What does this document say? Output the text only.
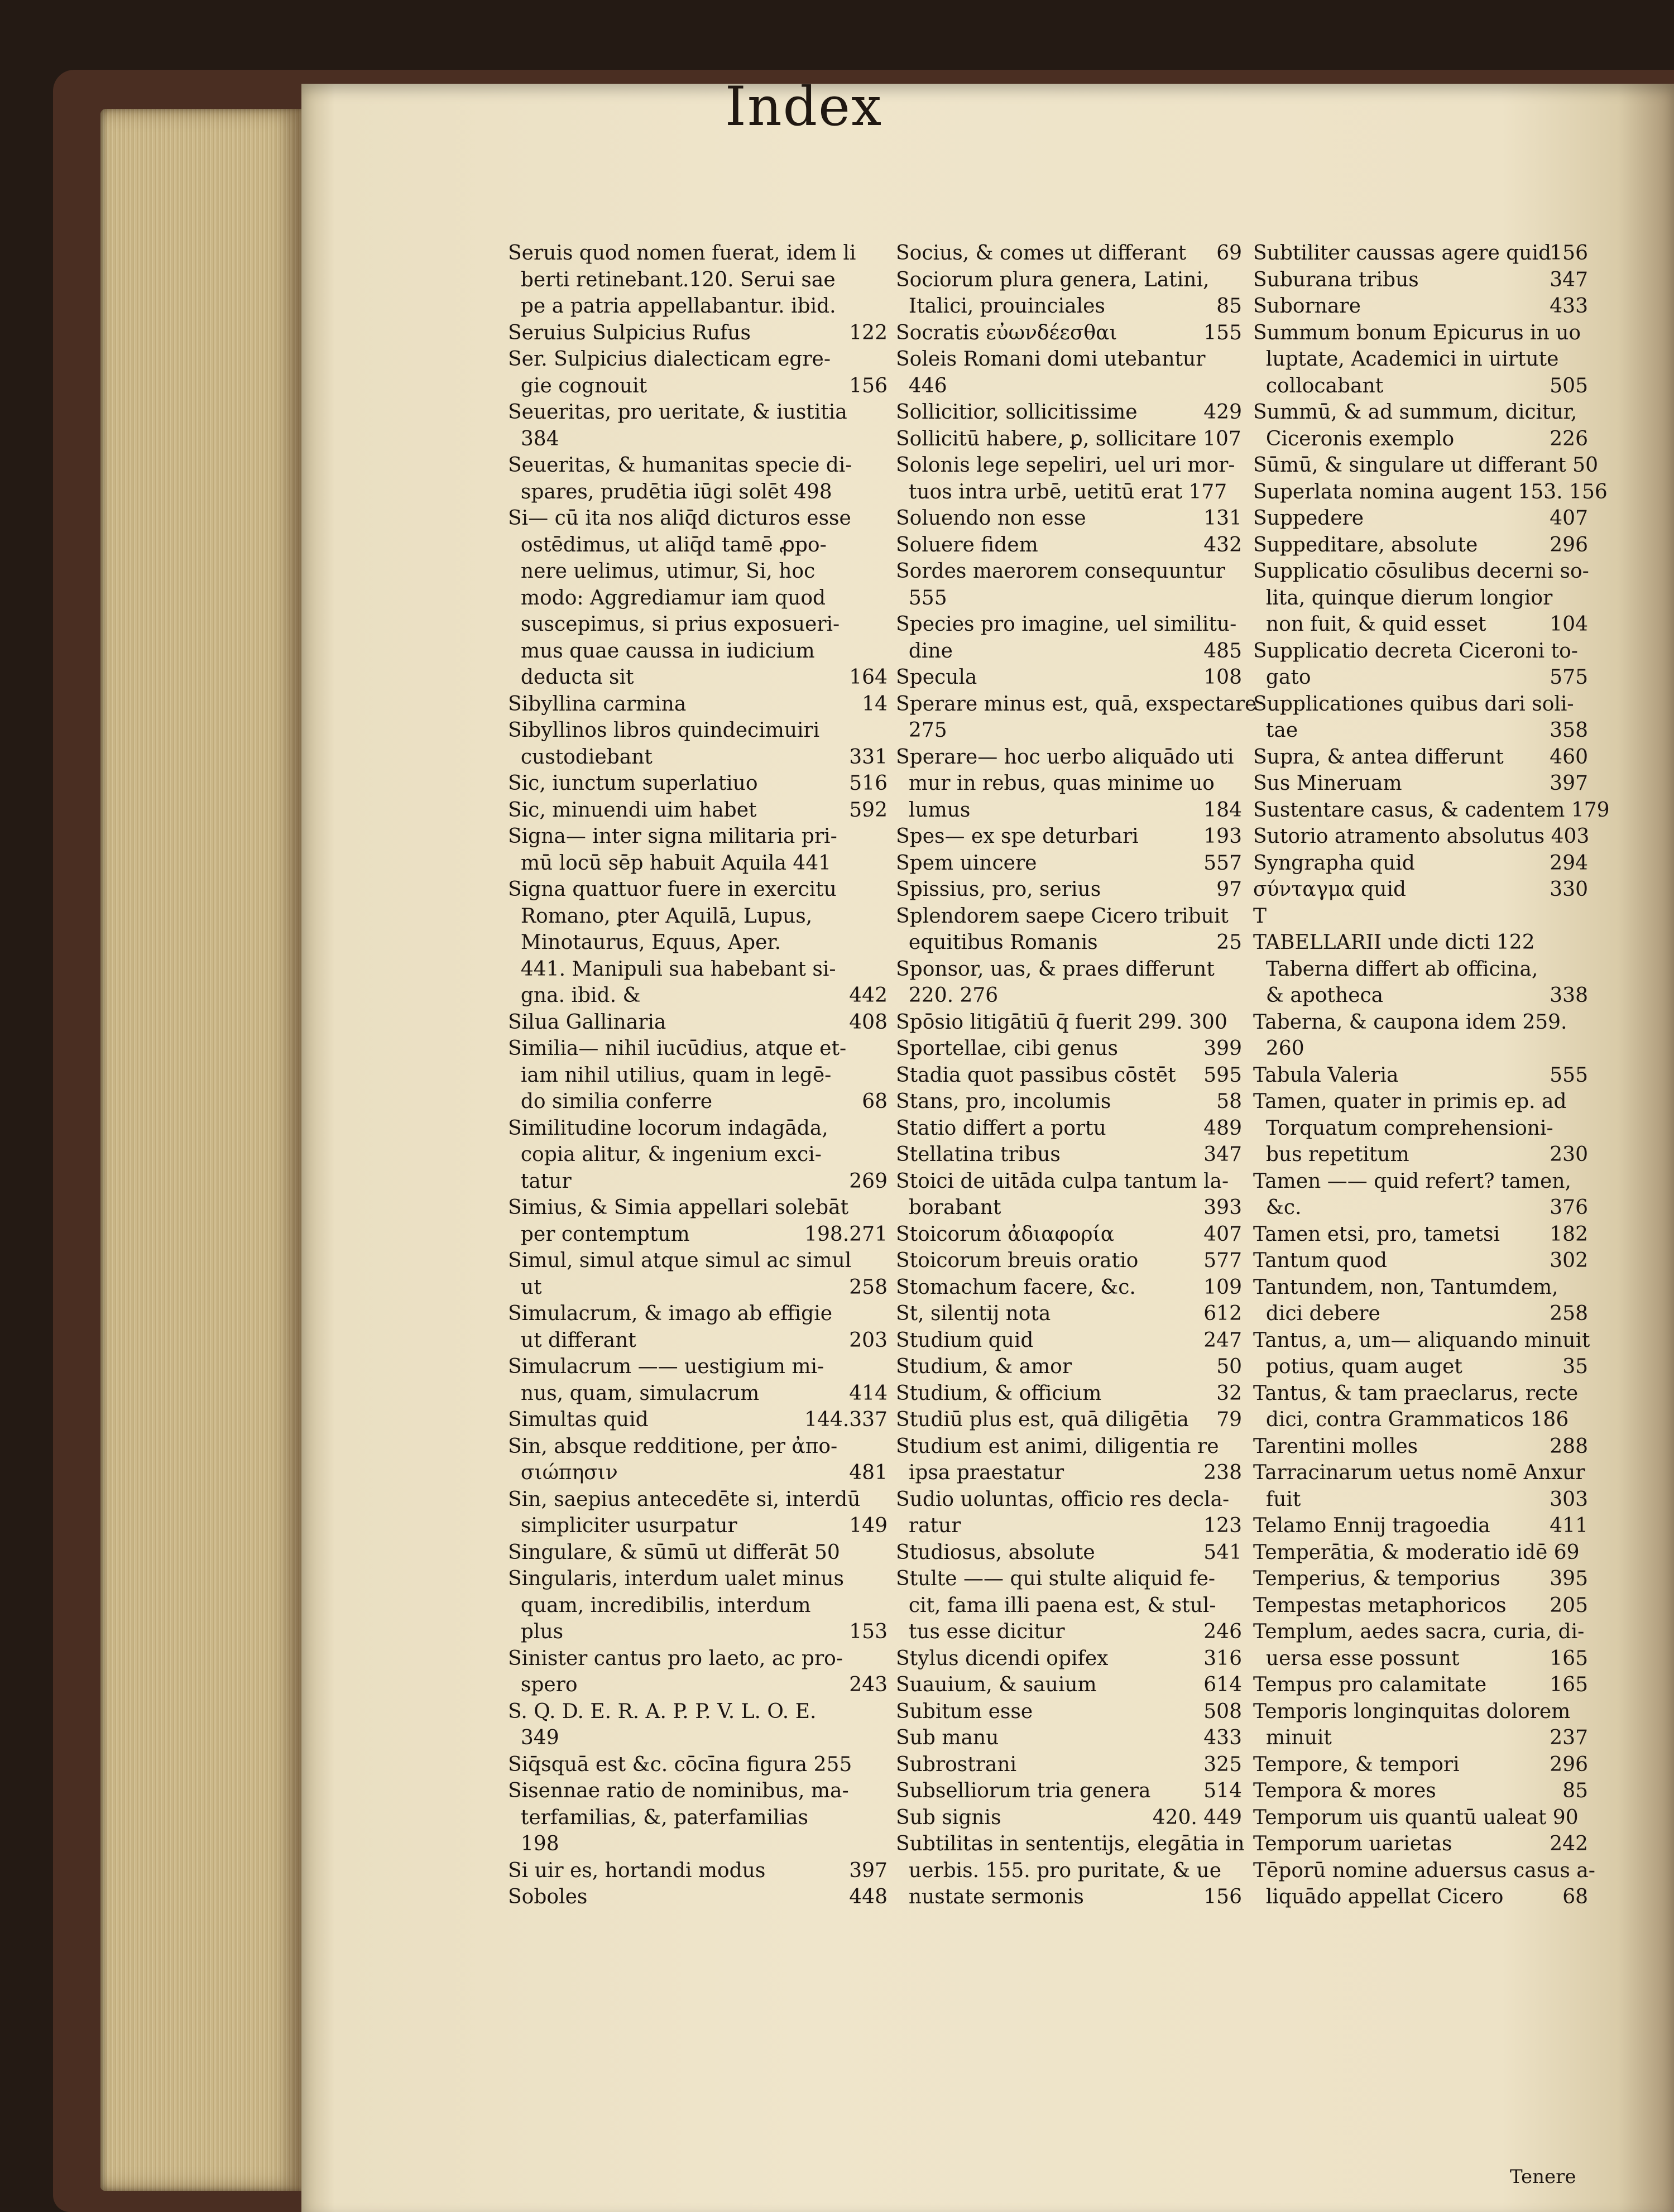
Index
Seruis quod nomen fuerat, idem li
berti retinebant.120. Serui sae
pe a patria appellabantur. ibid.
Seruius Sulpicius Rufus	122
Ser. Sulpicius dialecticam egre-
gie cognouit	156
Seueritas, pro ueritate, & iustitia
384
Seueritas, & humanitas specie di-
spares, prudētia iūgi solēt 498
Si— cū ita nos aliq̄d dicturos esse
ostēdimus, ut aliq̄d tamē ꝓpo-
nere uelimus, utimur, Si, hoc
modo: Aggrediamur iam quod
suscepimus, si prius exposueri-
mus quae caussa in iudicium
deducta sit	164
Sibyllina carmina	14
Sibyllinos libros quindecimuiri
custodiebant	331
Sic, iunctum superlatiuo	516
Sic, minuendi uim habet	592
Signa— inter signa militaria pri-
mū locū sēp habuit Aquila 441
Signa quattuor fuere in exercitu
Romano, ꝑter Aquilā, Lupus,
Minotaurus, Equus, Aper.
441. Manipuli sua habebant si-
gna. ibid. &	442
Silua Gallinaria	408
Similia— nihil iucūdius, atque et-
iam nihil utilius, quam in legē-
do similia conferre	68
Similitudine locorum indagāda,
copia alitur, & ingenium exci-
tatur	269
Simius, & Simia appellari solebāt
per contemptum	198.271
Simul, simul atque simul ac simul
ut	258
Simulacrum, & imago ab effigie
ut differant	203
Simulacrum —— uestigium mi-
nus, quam, simulacrum	414
Simultas quid	144.337
Sin, absque redditione, per ἀπο-
σιώπησιν	481
Sin, saepius antecedēte si, interdū
simpliciter usurpatur	149
Singulare, & sūmū ut differāt 50
Singularis, interdum ualet minus
quam, incredibilis, interdum
plus	153
Sinister cantus pro laeto, ac pro-
spero	243
S. Q. D. E. R. A. P. P. V. L. O. E.
349
Siq̄squā est &c. cōcīna figura 255
Sisennae ratio de nominibus, ma-
terfamilias, &, paterfamilias
198
Si uir es, hortandi modus	397
Soboles	448
Socius, & comes ut differant	69
Sociorum plura genera, Latini,
Italici, prouinciales	85
Socratis εὐωνδέεσθαι	155
Soleis Romani domi utebantur
446
Sollicitior, sollicitissime	429
Sollicitū habere, ꝑ, sollicitare 107
Solonis lege sepeliri, uel uri mor-
tuos intra urbē, uetitū erat 177
Soluendo non esse	131
Soluere fidem	432
Sordes maerorem consequuntur
555
Species pro imagine, uel similitu-
dine	485
Specula	108
Sperare minus est, quā, exspectare
275
Sperare— hoc uerbo aliquādo uti
mur in rebus, quas minime uo
lumus	184
Spes— ex spe deturbari	193
Spem uincere	557
Spissius, pro, serius	97
Splendorem saepe Cicero tribuit
equitibus Romanis	25
Sponsor, uas, & praes differunt
220. 276
Spōsio litigātiū q̄ fuerit 299. 300
Sportellae, cibi genus	399
Stadia quot passibus cōstēt	595
Stans, pro, incolumis	58
Statio differt a portu	489
Stellatina tribus	347
Stoici de uitāda culpa tantum la-
borabant	393
Stoicorum ἀδιαφορία	407
Stoicorum breuis oratio	577
Stomachum facere, &c.	109
St, silentij nota	612
Studium quid	247
Studium, & amor	50
Studium, & officium	32
Studiū plus est, quā diligētia	79
Studium est animi, diligentia re
ipsa praestatur	238
Sudio uoluntas, officio res decla-
ratur	123
Studiosus, absolute	541
Stulte —— qui stulte aliquid fe-
cit, fama illi paena est, & stul-
tus esse dicitur	246
Stylus dicendi opifex	316
Suauium, & sauium	614
Subitum esse	508
Sub manu	433
Subrostrani	325
Subselliorum tria genera	514
Sub signis	420. 449
Subtilitas in sententijs, elegātia in
uerbis. 155. pro puritate, & ue
nustate sermonis	156
Subtiliter caussas agere quid
156
Suburana tribus	347
Subornare	433
Summum bonum Epicurus in uo
luptate, Academici in uirtute
collocabant	505
Summū, & ad summum, dicitur,
Ciceronis exemplo	226
Sūmū, & singulare ut differant 50
Superlata nomina augent 153. 156
Suppedere	407
Suppeditare, absolute	296
Supplicatio cōsulibus decerni so-
lita, quinque dierum longior
non fuit, & quid esset	104
Supplicatio decreta Ciceroni to-
gato	575
Supplicationes quibus dari soli-
tae	358
Supra, & antea differunt	460
Sus Mineruam	397
Sustentare casus, & cadentem 179
Sutorio atramento absolutus 403
Syngrapha quid	294
σύνταγμα quid	330
T
TABELLARII unde dicti 122
Taberna differt ab officina,
& apotheca	338
Taberna, & caupona idem 259.
260
Tabula Valeria	555
Tamen, quater in primis ep. ad
Torquatum comprehensioni-
bus repetitum	230
Tamen —— quid refert? tamen,
&c.	376
Tamen etsi, pro, tametsi	182
Tantum quod	302
Tantundem, non, Tantumdem,
dici debere	258
Tantus, a, um— aliquando minuit
potius, quam auget	35
Tantus, & tam praeclarus, recte
dici, contra Grammaticos 186
Tarentini molles	288
Tarracinarum uetus nomē Anxur
fuit	303
Telamo Ennij tragoedia	411
Temperātia, & moderatio idē 69
Temperius, & temporius	395
Tempestas metaphoricos	205
Templum, aedes sacra, curia, di-
uersa esse possunt	165
Tempus pro calamitate	165
Temporis longinquitas dolorem
minuit	237
Tempore, & tempori	296
Tempora & mores	85
Temporum uis quantū ualeat 90
Temporum uarietas	242
Tēporū nomine aduersus casus a-
liquādo appellat Cicero	68
Tenere
